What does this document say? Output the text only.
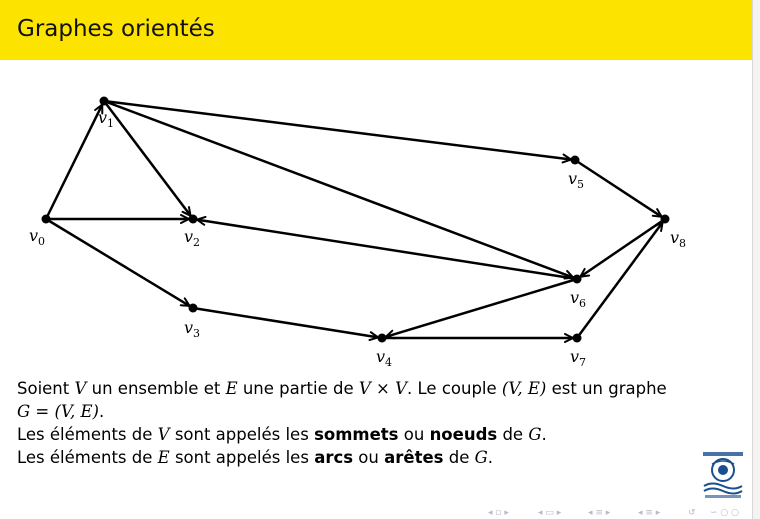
Graphes orientés
$v_0$
$v_1$
$v_2$
$v_3$
$v_4$
$v_5$
$v_6$
$v_7$
$v_8$

Soient V un ensemble et E une partie de V × V. Le couple (V, E) est un graphe

G = (V, E).

Les éléments de V sont appelés les sommets ou noeuds de G.

Les éléments de E sont appelés les arcs ou arêtes de G.

◂ ▫ ▸	◂ ▭ ▸	◂ ≡ ▸	◂ ≡ ▸	↺ ∽ ○ ○
